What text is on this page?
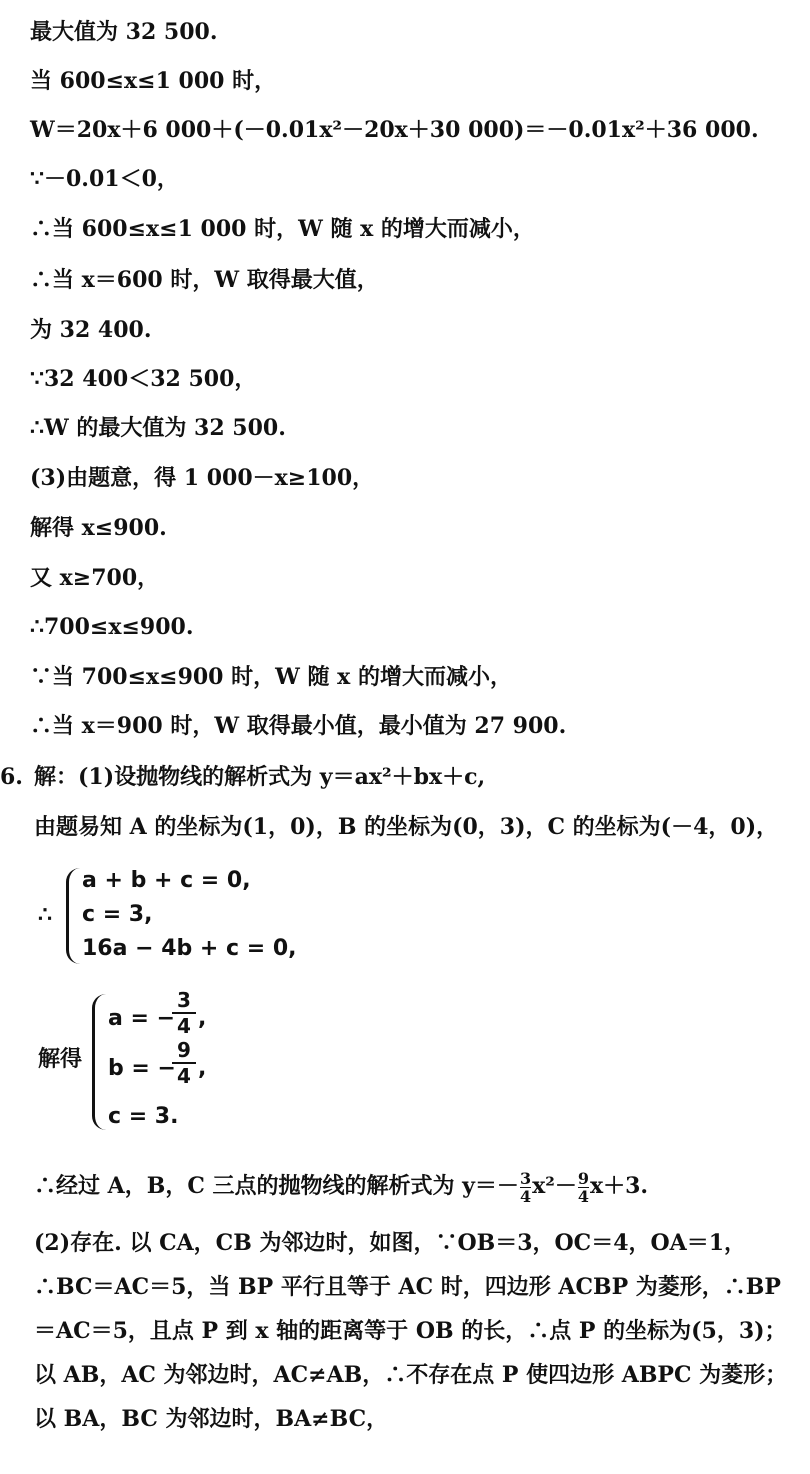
最大值为 32 500.
当 600≤x≤1 000 时，
W＝20x＋6 000＋(－0.01x²－20x＋30 000)＝－0.01x²＋36 000.
∵－0.01＜0，
∴当 600≤x≤1 000 时，W 随 x 的增大而减小，
∴当 x＝600 时，W 取得最大值，
为 32 400.
∵32 400＜32 500，
∴W 的最大值为 32 500.
(3)由题意，得 1 000－x≥100，
解得 x≤900.
又 x≥700，
∴700≤x≤900.
∵当 700≤x≤900 时，W 随 x 的增大而减小，
∴当 x＝900 时，W 取得最小值，最小值为 27 900.
6. 解：(1)设抛物线的解析式为 y＝ax²＋bx＋c,
由题易知 A 的坐标为(1，0)，B 的坐标为(0，3)，C 的坐标为(－4，0)，
∴
a + b + c = 0,
c = 3,
16a − 4b + c = 0,
解得
a = −
$\frac{3}{4}$ ,
b = −
$\frac{9}{4}$ ,
c = 3.
∴经过 A，B，C 三点的抛物线的解析式为 $y=- \frac{3}{4} x^2- \frac{9}{4} x+3$.
(2)存在. 以 CA，CB 为邻边时，如图，∵OB＝3，OC＝4，OA＝1，∴BC＝AC＝5，当 BP 平行且等于 AC 时，四边形 ACBP 为菱形，∴BP＝AC＝5，且点 P 到 x 轴的距离等于 OB 的长，∴点 P 的坐标为(5，3)；以 AB，AC 为邻边时，AC≠AB，∴不存在点 P 使四边形 ABPC 为菱形；以 BA，BC 为邻边时，BA≠BC，
